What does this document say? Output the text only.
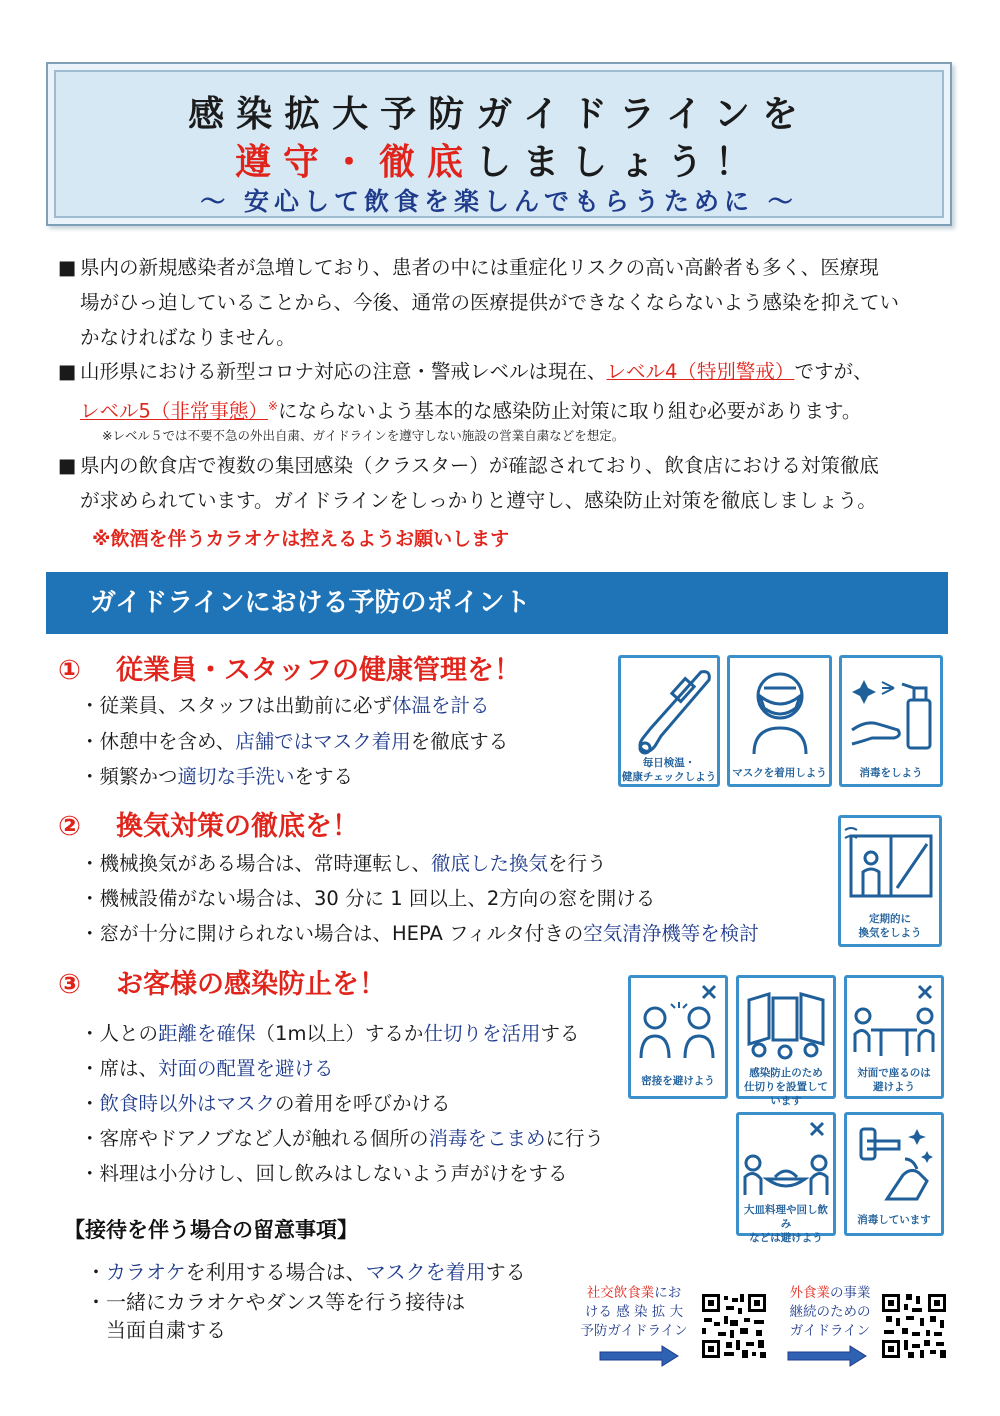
感染拡大予防ガイドラインを
遵守・徹底しましょう！
～ 安心して飲食を楽しんでもらうために ～
■ 県内の新規感染者が急増しており、患者の中には重症化リスクの高い高齢者も多く、医療現
場がひっ迫していることから、今後、通常の医療提供ができなくならないよう感染を抑えてい
かなければなりません。
■ 山形県における新型コロナ対応の注意・警戒レベルは現在、レベル4（特別警戒）ですが、
レベル5（非常事態）※にならないよう基本的な感染防止対策に取り組む必要があります。
※レベル５では不要不急の外出自粛、ガイドラインを遵守しない施設の営業自粛などを想定。
■ 県内の飲食店で複数の集団感染（クラスター）が確認されており、飲食店における対策徹底
が求められています。ガイドラインをしっかりと遵守し、感染防止対策を徹底しましょう。
※飲酒を伴うカラオケは控えるようお願いします
ガイドラインにおける予防のポイント
① 従業員・スタッフの健康管理を！
・従業員、スタッフは出勤前に必ず体温を計る
・休憩中を含め、店舗ではマスク着用を徹底する
・頻繁かつ適切な手洗いをする
毎日検温・
健康チェックしよう マスクを着用しよう	消毒をしよう
② 換気対策の徹底を！
・機械換気がある場合は、常時運転し、徹底した換気を行う
・機械設備がない場合は、30 分に 1 回以上、2方向の窓を開ける
・窓が十分に開けられない場合は、HEPA フィルタ付きの空気清浄機等を検討
定期的に
換気をしよう
③ お客様の感染防止を！
・人との距離を確保（1m以上）するか仕切りを活用する
・席は、対面の配置を避ける
・飲食時以外はマスクの着用を呼びかける
・客席やドアノブなど人が触れる個所の消毒をこまめに行う
・料理は小分けし、回し飲みはしないよう声がけをする
密接を避けよう
感染防止のため
仕切りを設置しています
対面で座るのは
避けよう
大皿料理や回し飲み
などは避けよう
消毒しています
【接待を伴う場合の留意事項】
・カラオケを利用する場合は、マスクを着用する
・一緒にカラオケやダンス等を行う接待は
当面自粛する
社交飲食業にお
ける 感 染 拡 大
予防ガイドライン
外食業の事業
継続のための
ガイドライン
